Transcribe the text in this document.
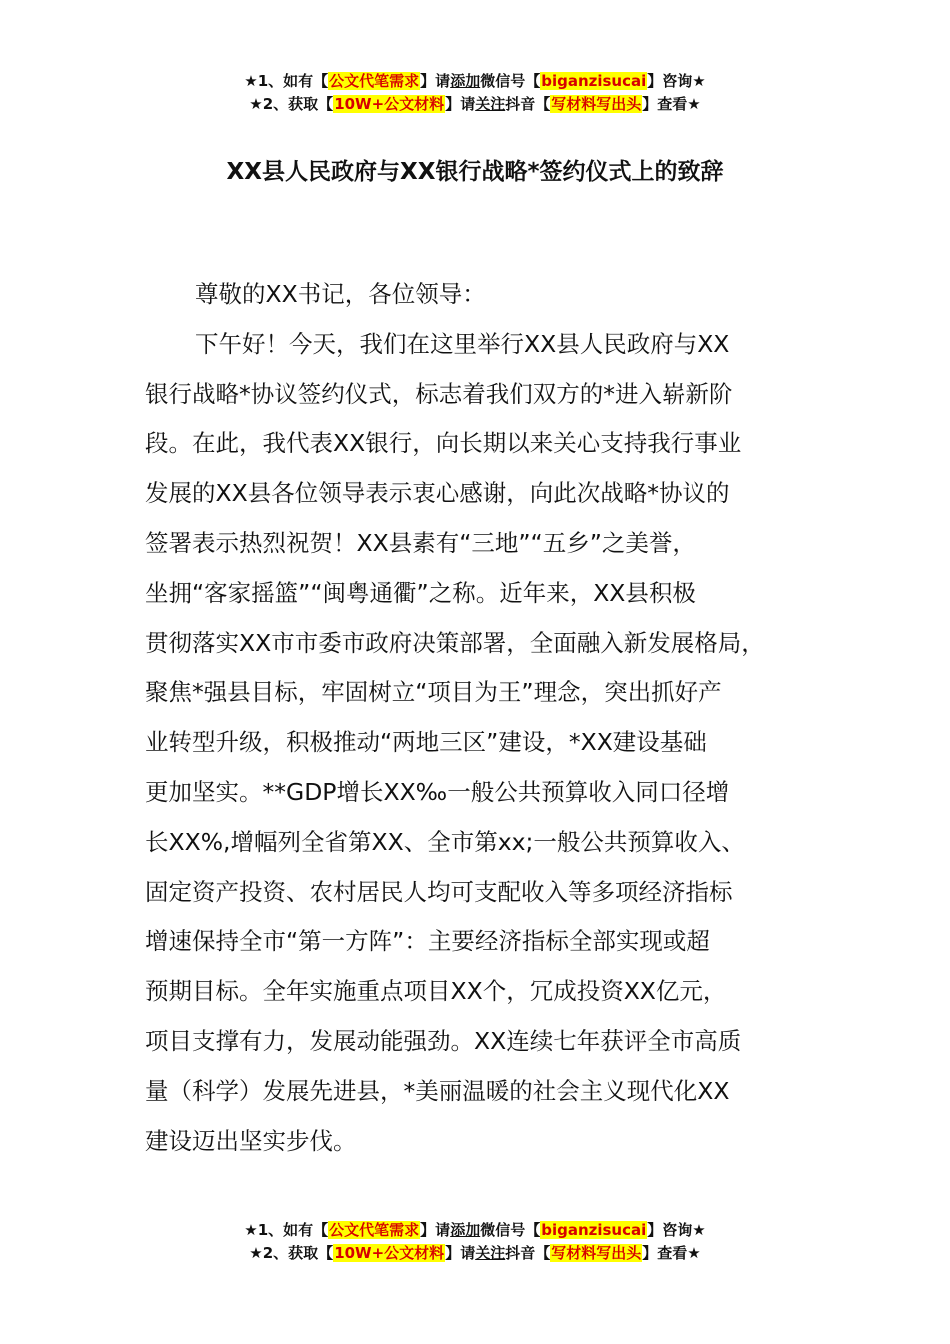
★1、如有【公文代笔需求】请添加微信号【biganzisucai】咨询★
★2、获取【10W+公文材料】请关注抖音【写材料写出头】查看★
XX县人民政府与XX银行战略*签约仪式上的致辞
尊敬的XX书记，各位领导：
下午好！今天，我们在这里举行XX县人民政府与XX
银行战略*协议签约仪式，标志着我们双方的*进入崭新阶
段。在此，我代表XX银行，向长期以来关心支持我行事业
发展的XX县各位领导表示衷心感谢，向此次战略*协议的
签署表示热烈祝贺！XX县素有“三地”“五乡”之美誉，
坐拥“客家摇篮”“闽粤通衢”之称。近年来，XX县积极
贯彻落实XX市市委市政府决策部署，全面融入新发展格局，
聚焦*强县目标，牢固树立“项目为王”理念，突出抓好产
业转型升级，积极推动“两地三区”建设，*XX建设基础
更加坚实。**GDP增长XX‰一般公共预算收入同口径增
长XX%,增幅列全省第XX、全市第xx;一般公共预算收入、
固定资产投资、农村居民人均可支配收入等多项经济指标
增速保持全市“第一方阵”：主要经济指标全部实现或超
预期目标。全年实施重点项目XX个，冗成投资XX亿元，
项目支撑有力，发展动能强劲。XX连续七年获评全市高质
量（科学）发展先进县，*美丽温暖的社会主义现代化XX
建设迈出坚实步伐。
★1、如有【公文代笔需求】请添加微信号【biganzisucai】咨询★
★2、获取【10W+公文材料】请关注抖音【写材料写出头】查看★
